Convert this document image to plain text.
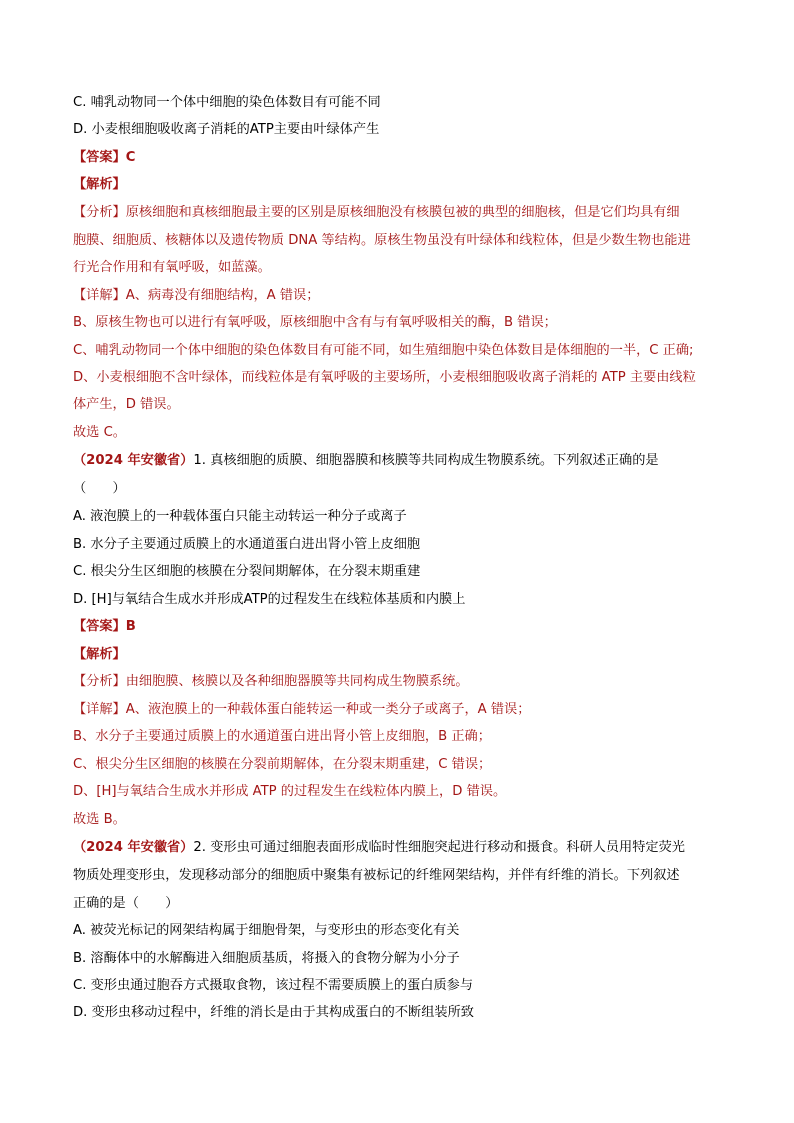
C. 哺乳动物同一个体中细胞的染色体数目有可能不同
D. 小麦根细胞吸收离子消耗的ATP主要由叶绿体产生
【答案】C
【解析】
【分析】原核细胞和真核细胞最主要的区别是原核细胞没有核膜包被的典型的细胞核，但是它们均具有细
胞膜、细胞质、核糖体以及遗传物质 DNA 等结构。原核生物虽没有叶绿体和线粒体，但是少数生物也能进
行光合作用和有氧呼吸，如蓝藻。
【详解】A、病毒没有细胞结构，A 错误；
B、原核生物也可以进行有氧呼吸，原核细胞中含有与有氧呼吸相关的酶，B 错误；
C、哺乳动物同一个体中细胞的染色体数目有可能不同，如生殖细胞中染色体数目是体细胞的一半，C 正确;
D、小麦根细胞不含叶绿体，而线粒体是有氧呼吸的主要场所，小麦根细胞吸收离子消耗的 ATP 主要由线粒
体产生，D 错误。
故选 C。
（2024 年安徽省）1. 真核细胞的质膜、细胞器膜和核膜等共同构成生物膜系统。下列叙述正确的是
（　　）
A. 液泡膜上的一种载体蛋白只能主动转运一种分子或离子
B. 水分子主要通过质膜上的水通道蛋白进出肾小管上皮细胞
C. 根尖分生区细胞的核膜在分裂间期解体，在分裂末期重建
D. [H]与氧结合生成水并形成ATP的过程发生在线粒体基质和内膜上
【答案】B
【解析】
【分析】由细胞膜、核膜以及各种细胞器膜等共同构成生物膜系统。
【详解】A、液泡膜上的一种载体蛋白能转运一种或一类分子或离子，A 错误；
B、水分子主要通过质膜上的水通道蛋白进出肾小管上皮细胞，B 正确；
C、根尖分生区细胞的核膜在分裂前期解体，在分裂末期重建，C 错误；
D、[H]与氧结合生成水并形成 ATP 的过程发生在线粒体内膜上，D 错误。
故选 B。
（2024 年安徽省）2. 变形虫可通过细胞表面形成临时性细胞突起进行移动和摄食。科研人员用特定荧光
物质处理变形虫，发现移动部分的细胞质中聚集有被标记的纤维网架结构，并伴有纤维的消长。下列叙述
正确的是（　　）
A. 被荧光标记的网架结构属于细胞骨架，与变形虫的形态变化有关
B. 溶酶体中的水解酶进入细胞质基质，将摄入的食物分解为小分子
C. 变形虫通过胞吞方式摄取食物，该过程不需要质膜上的蛋白质参与
D. 变形虫移动过程中，纤维的消长是由于其构成蛋白的不断组装所致
